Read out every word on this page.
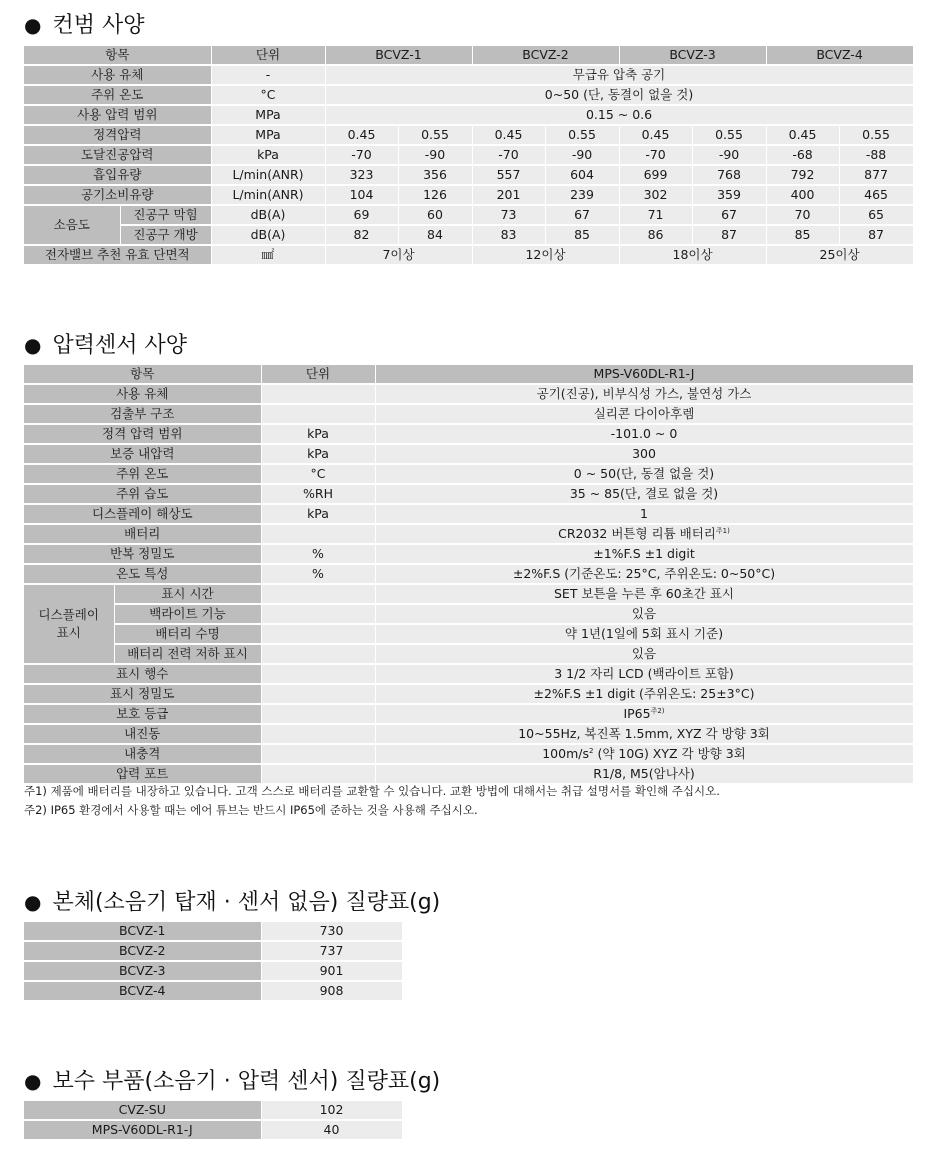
● 컨범 사양
항목		단위	BCVZ-1		BCVZ-2		BCVZ-3		BCVZ-4	
사용 유체		-	무급유 압축 공기							
주위 온도		°C	0~50 (단, 동결이 없을 것)							
사용 압력 범위		MPa	0.15 ~ 0.6							
정격압력		MPa	0.45	0.55	0.45	0.55	0.45	0.55	0.45	0.55
도달진공압력		kPa	-70	-90	-70	-90	-70	-90	-68	-88
흡입유량		L/min(ANR)	323	356	557	604	699	768	792	877
공기소비유량		L/min(ANR)	104	126	201	239	302	359	400	465
소음도	진공구 막힘	dB(A)	69	60	73	67	71	67	70	65
	진공구 개방	dB(A)	82	84	83	85	86	87	85	87
전자밸브 추천 유효 단면적		㎟	7이상		12이상		18이상		25이상	
● 압력센서 사양
항목		단위	MPS-V60DL-R1-J
사용 유체			공기(진공), 비부식성 가스, 불연성 가스
검출부 구조			실리콘 다이아후렘
정격 압력 범위		kPa	-101.0 ~ 0
보증 내압력		kPa	300
주위 온도		°C	0 ~ 50(단, 동결 없을 것)
주위 습도		%RH	35 ~ 85(단, 결로 없을 것)
디스플레이 해상도		kPa	1
배터리			CR2032 버튼형 리튬 배터리$^{주1)}$
반복 정밀도		%	±1%F.S ±1 digit
온도 특성		%	±2%F.S (기준온도: 25°C, 주위온도: 0~50°C)
디스플레이
표시	표시 시간		SET 보튼을 누른 후 60초간 표시
	백라이트 기능		있음
	배터리 수명		약 1년(1일에 5회 표시 기준)
	배터리 전력 저하 표시		있음
표시 행수			3 1/2 자리 LCD (백라이트 포함)
표시 정밀도			±2%F.S ±1 digit (주위온도: 25±3°C)
보호 등급			$IP65^{주2)}$
내진동			10~55Hz, 복진폭 1.5mm, XYZ 각 방향 3회
내충격			$100m/s^2$ (약 10G) XYZ 각 방향 3회
압력 포트			R1/8, M5(암나사)
주1) 제품에 배터리를 내장하고 있습니다. 고객 스스로 배터리를 교환할 수 있습니다. 교환 방법에 대해서는 취급 설명서를 확인해 주십시오.
주2) IP65 환경에서 사용할 때는 에어 튜브는 반드시 IP65에 준하는 것을 사용해 주십시오.
● 본체(소음기 탑재 · 센서 없음) 질량표(g)
BCVZ-1	730
BCVZ-2	737
BCVZ-3	901
BCVZ-4	908
● 보수 부품(소음기 · 압력 센서) 질량표(g)
CVZ-SU	102
MPS-V60DL-R1-J	40
